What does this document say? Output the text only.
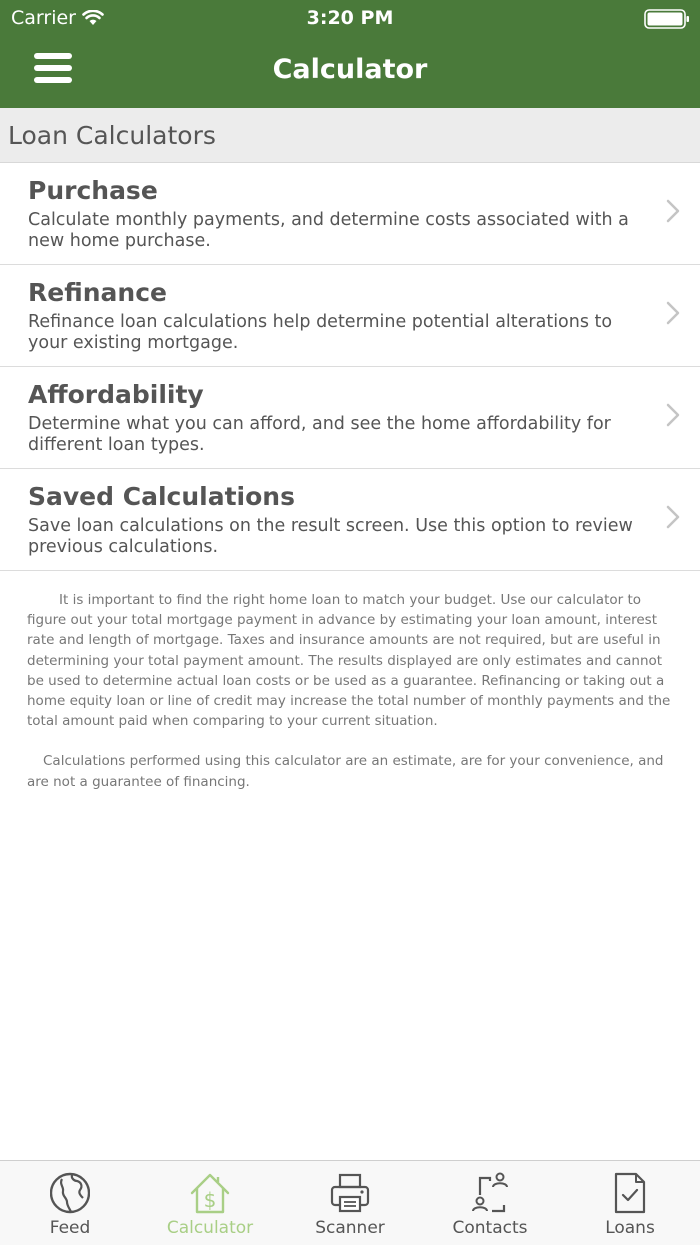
Carrier	3:20 PM
Calculator
Loan Calculators
Purchase
Calculate monthly payments, and determine costs associated with a new home purchase.
Refinance
Refinance loan calculations help determine potential alterations to your existing mortgage.
Affordability
Determine what you can afford, and see the home affordability for different loan types.
Saved Calculations
Save loan calculations on the result screen. Use this option to review previous calculations.

It is important to find the right home loan to match your budget. Use our calculator to figure out your total mortgage payment in advance by estimating your loan amount, interest rate and length of mortgage. Taxes and insurance amounts are not required, but are useful in determining your total payment amount. The results displayed are only estimates and cannot be used to determine actual loan costs or be used as a guarantee. Refinancing or taking out a home equity loan or line of credit may increase the total number of monthly payments and the total amount paid when comparing to your current situation.

Calculations performed using this calculator are an estimate, are for your convenience, and are not a guarantee of financing.

Feed
$
Calculator	Scanner	Contacts	Loans
